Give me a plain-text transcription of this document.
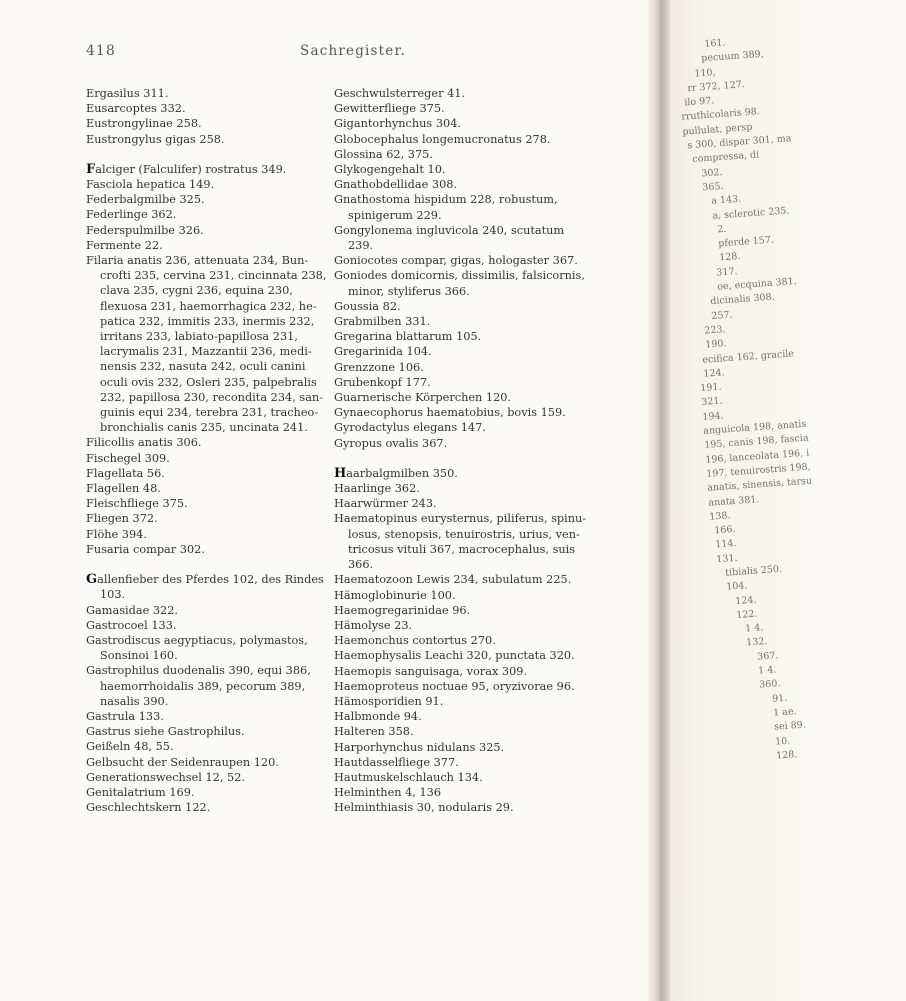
418	Sachregister.
Ergasilus 311.
Eusarcoptes 332.
Eustrongylinae 258.
Eustrongylus gigas 258.
Falciger (Falculifer) rostratus 349.
Fasciola hepatica 149.
Federbalgmilbe 325.
Federlinge 362.
Federspulmilbe 326.
Fermente 22.
Filaria anatis 236, attenuata 234, Bun-crofti 235, cervina 231, cincinnata 238, clava 235, cygni 236, equina 230, flexuosa 231, haemorrhagica 232, he-patica 232, immitis 233, inermis 232, irritans 233, labiato-papillosa 231, lacrymalis 231, Mazzantii 236, medi-nensis 232, nasuta 242, oculi canini oculi ovis 232, Osleri 235, palpebralis 232, papillosa 230, recondita 234, san-guinis equi 234, terebra 231, tracheo-bronchialis canis 235, uncinata 241.
Filicollis anatis 306.
Fischegel 309.
Flagellata 56.
Flagellen 48.
Fleischfliege 375.
Fliegen 372.
Flöhe 394.
Fusaria compar 302.
Gallenfieber des Pferdes 102, des Rindes 103.
Gamasidae 322.
Gastrocoel 133.
Gastrodiscus aegyptiacus, polymastos, Sonsinoi 160.
Gastrophilus duodenalis 390, equi 386, haemorrhoidalis 389, pecorum 389, nasalis 390.
Gastrula 133.
Gastrus siehe Gastrophilus.
Geißeln 48, 55.
Gelbsucht der Seidenraupen 120.
Generationswechsel 12, 52.
Genitalatrium 169.
Geschlechtskern 122.
Geschwulsterreger 41.
Gewitterfliege 375.
Gigantorhynchus 304.
Globocephalus longemucronatus 278.
Glossina 62, 375.
Glykogengehalt 10.
Gnathobdellidae 308.
Gnathostoma hispidum 228, robustum, spinigerum 229.
Gongylonema ingluvicola 240, scutatum 239.
Goniocotes compar, gigas, hologaster 367.
Goniodes domicornis, dissimilis, falsicornis, minor, styliferus 366.
Goussia 82.
Grabmilben 331.
Gregarina blattarum 105.
Gregarinida 104.
Grenzzone 106.
Grubenkopf 177.
Guarnerische Körperchen 120.
Gynaecophorus haematobius, bovis 159.
Gyrodactylus elegans 147.
Gyropus ovalis 367.
Haarbalgmilben 350.
Haarlinge 362.
Haarwürmer 243.
Haematopinus eurysternus, piliferus, spinu-losus, stenopsis, tenuirostris, urius, ven-tricosus vituli 367, macrocephalus, suis 366.
Haematozoon Lewis 234, subulatum 225.
Hämoglobinurie 100.
Haemogregarinidae 96.
Hämolyse 23.
Haemonchus contortus 270.
Haemophysalis Leachi 320, punctata 320.
Haemopis sanguisaga, vorax 309.
Haemoproteus noctuae 95, oryzivorae 96.
Hämosporidien 91.
Halbmonde 94.
Halteren 358.
Harporhynchus nidulans 325.
Hautdasselfliege 377.
Hautmuskelschlauch 134.
Helminthen 4, 136
Helminthiasis 30, nodularis 29.
161.
pecuum 389,
110,
rr 372, 127.
ilo 97.
rruthicolaris 98.
pullulat, persp
s 300, dispar 301, ma
compressa, di
302.
365.
a 143.
a, sclerotic 235.
2.
pferde 157.
128.
317.
oe, ecquina 381.
dicinalis 308.
257.
223.
190.
ecifica 162, gracile
124.
191.
321.
194.
anguicola 198, anatis
195, canis 198, fascia
196, lanceolata 196, i
197, tenuirostris 198,
anatis, sinensis, tarsu
anata 381.
138.
166.
114.
131.
tibialis 250.
104.
124.
122.
1 4.
132.
367.
1 4.
360.
91.
1 ae.
sei 89.
10.
128.
